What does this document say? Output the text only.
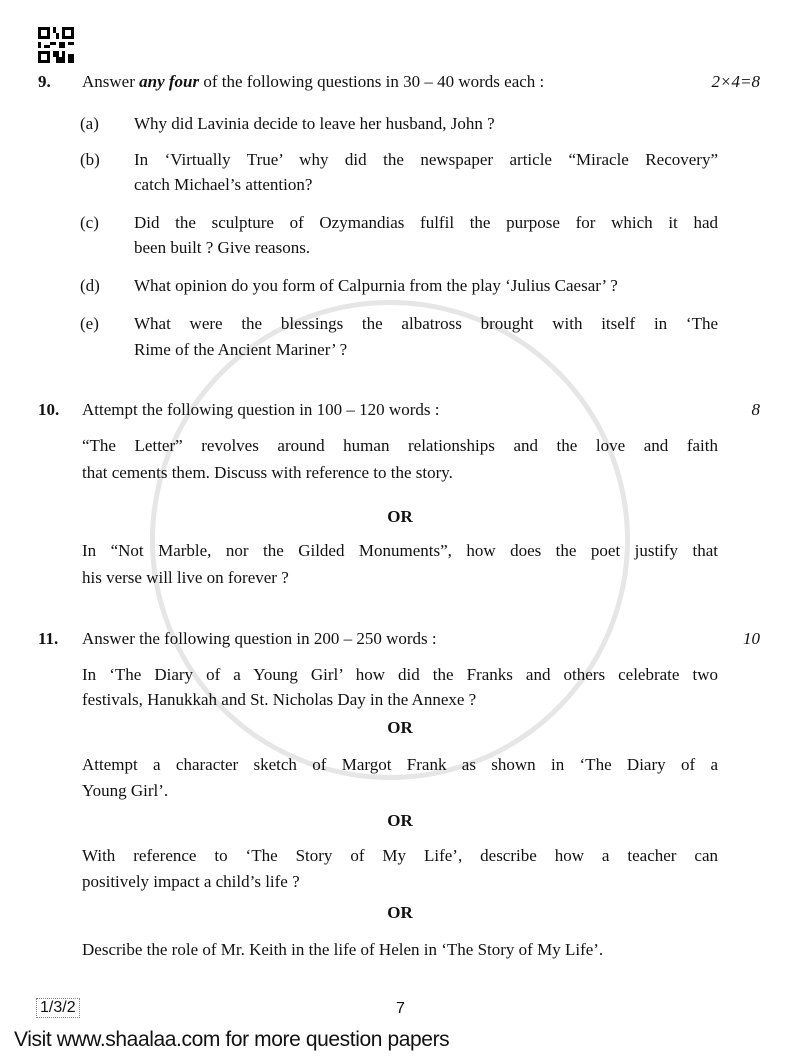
9. Answer any four of the following questions in 30 – 40 words each :	2×4=8
(a) Why did Lavinia decide to leave her husband, John ?
(b) In ‘Virtually True’ why did the newspaper article “Miracle Recovery”
catch Michael’s attention?
(c) Did the sculpture of Ozymandias fulfil the purpose for which it had
been built ? Give reasons.
(d) What opinion do you form of Calpurnia from the play ‘Julius Caesar’ ?
(e) What were the blessings the albatross brought with itself in ‘The
Rime of the Ancient Mariner’ ?
10. Attempt the following question in 100 – 120 words :	8
“The Letter” revolves around human relationships and the love and faith
that cements them. Discuss with reference to the story.
OR
In “Not Marble, nor the Gilded Monuments”, how does the poet justify that
his verse will live on forever ?
11. Answer the following question in 200 – 250 words :	10
In ‘The Diary of a Young Girl’ how did the Franks and others celebrate two
festivals, Hanukkah and St. Nicholas Day in the Annexe ?
OR
Attempt a character sketch of Margot Frank as shown in ‘The Diary of a
Young Girl’.
OR
With reference to ‘The Story of My Life’, describe how a teacher can
positively impact a child’s life ?
OR
Describe the role of Mr. Keith in the life of Helen in ‘The Story of My Life’.
1/3/2	7
Visit www.shaalaa.com for more question papers
